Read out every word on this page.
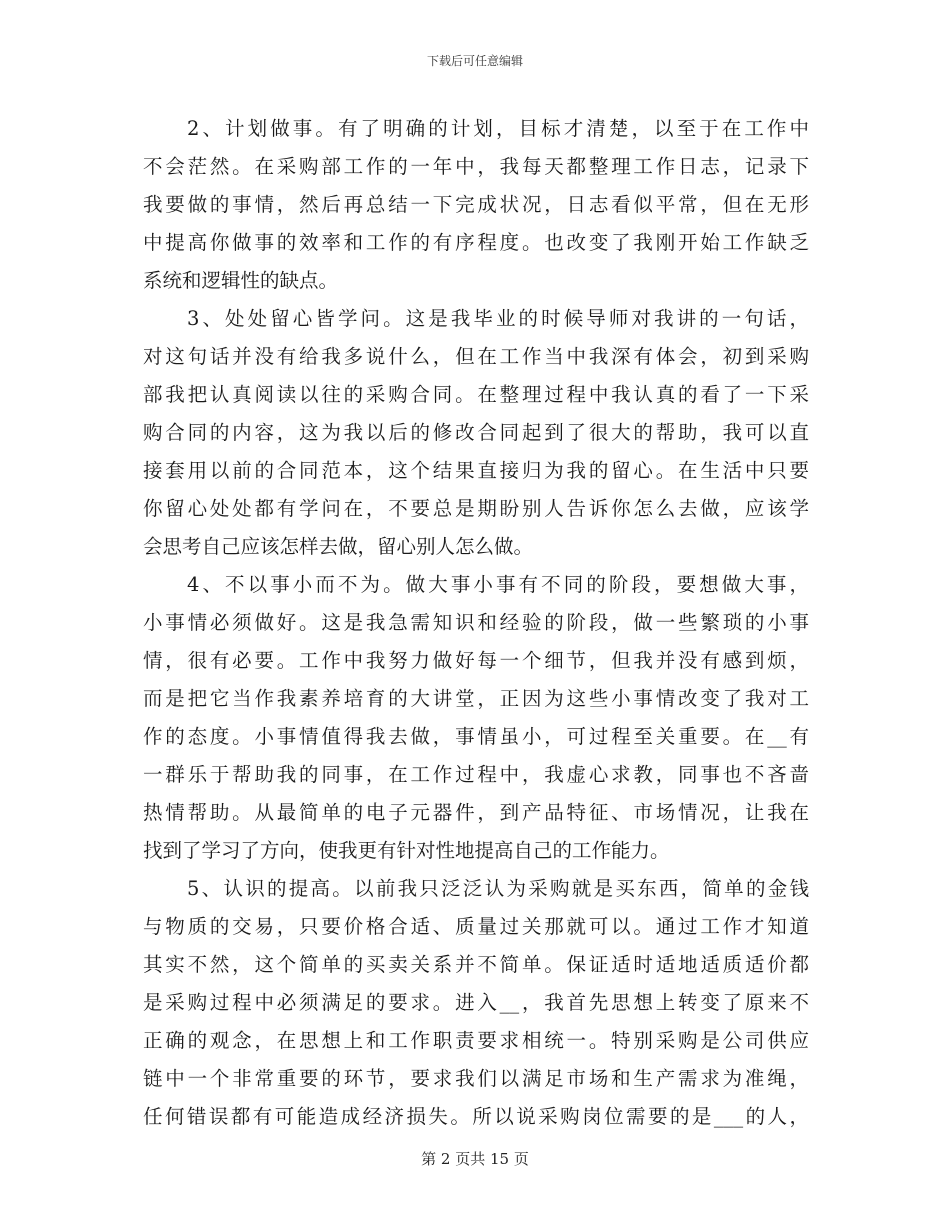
下载后可任意编辑
2、计划做事。有了明确的计划，目标才清楚，以至于在工作中
不会茫然。在采购部工作的一年中，我每天都整理工作日志，记录下
我要做的事情，然后再总结一下完成状况，日志看似平常，但在无形
中提高你做事的效率和工作的有序程度。也改变了我刚开始工作缺乏
系统和逻辑性的缺点。
3、处处留心皆学问。这是我毕业的时候导师对我讲的一句话，
对这句话并没有给我多说什么，但在工作当中我深有体会，初到采购
部我把认真阅读以往的采购合同。在整理过程中我认真的看了一下采
购合同的内容，这为我以后的修改合同起到了很大的帮助，我可以直
接套用以前的合同范本，这个结果直接归为我的留心。在生活中只要
你留心处处都有学问在，不要总是期盼别人告诉你怎么去做，应该学
会思考自己应该怎样去做，留心别人怎么做。
4、不以事小而不为。做大事小事有不同的阶段，要想做大事，
小事情必须做好。这是我急需知识和经验的阶段，做一些繁琐的小事
情，很有必要。工作中我努力做好每一个细节，但我并没有感到烦，
而是把它当作我素养培育的大讲堂，正因为这些小事情改变了我对工
作的态度。小事情值得我去做，事情虽小，可过程至关重要。在__有
一群乐于帮助我的同事，在工作过程中，我虚心求教，同事也不吝啬
热情帮助。从最简单的电子元器件，到产品特征、市场情况，让我在
找到了学习了方向，使我更有针对性地提高自己的工作能力。
5、认识的提高。以前我只泛泛认为采购就是买东西，简单的金钱
与物质的交易，只要价格合适、质量过关那就可以。通过工作才知道
其实不然，这个简单的买卖关系并不简单。保证适时适地适质适价都
是采购过程中必须满足的要求。进入__，我首先思想上转变了原来不
正确的观念，在思想上和工作职责要求相统一。特别采购是公司供应
链中一个非常重要的环节，要求我们以满足市场和生产需求为准绳，
任何错误都有可能造成经济损失。所以说采购岗位需要的是___的人，
第 2 页共 15 页
